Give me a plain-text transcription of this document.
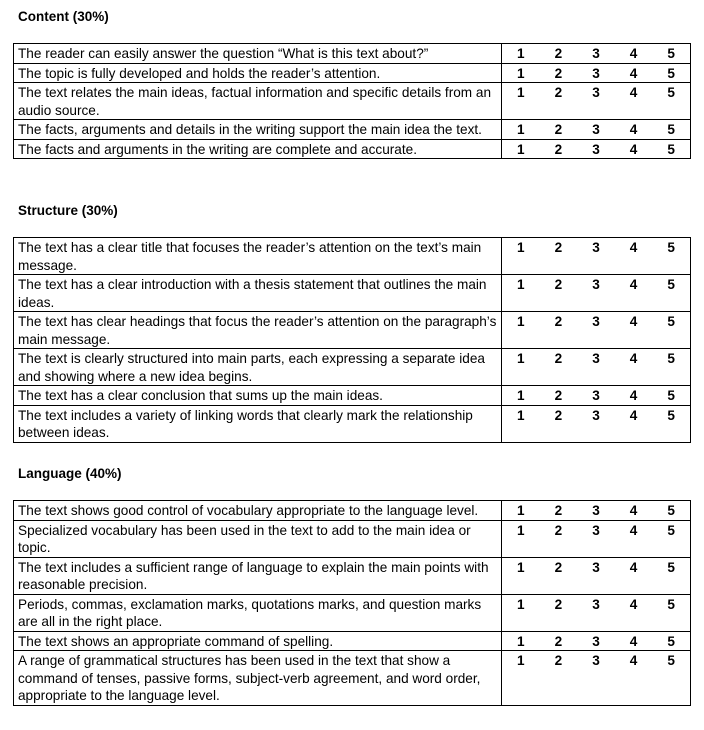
Content (30%)
The reader can easily answer the question “What is this text about?”	1 2 3 4 5

The topic is fully developed and holds the reader’s attention.	1 2 3 4 5

The text relates the main ideas, factual information and specific details from an audio source.	1 2 3 4 5

The facts, arguments and details in the writing support the main idea the text.	1 2 3 4 5

The facts and arguments in the writing are complete and accurate.	1 2 3 4 5
Structure (30%)
The text has a clear title that focuses the reader’s attention on the text’s main message.	1 2 3 4 5

The text has a clear introduction with a thesis statement that outlines the main ideas.	1 2 3 4 5

The text has clear headings that focus the reader’s attention on the paragraph’s main message.	1 2 3 4 5

The text is clearly structured into main parts, each expressing a separate idea and showing where a new idea begins.	1 2 3 4 5

The text has a clear conclusion that sums up the main ideas.	1 2 3 4 5

The text includes a variety of linking words that clearly mark the relationship between ideas.	1 2 3 4 5
Language (40%)
The text shows good control of vocabulary appropriate to the language level.	1 2 3 4 5

Specialized vocabulary has been used in the text to add to the main idea or topic.	1 2 3 4 5

The text includes a sufficient range of language to explain the main points with reasonable precision.	1 2 3 4 5

Periods, commas, exclamation marks, quotations marks, and question marks are all in the right place.	1 2 3 4 5

The text shows an appropriate command of spelling.	1 2 3 4 5

A range of grammatical structures has been used in the text that show a command of tenses, passive forms, subject-verb agreement, and word order, appropriate to the language level.	1 2 3 4 5
